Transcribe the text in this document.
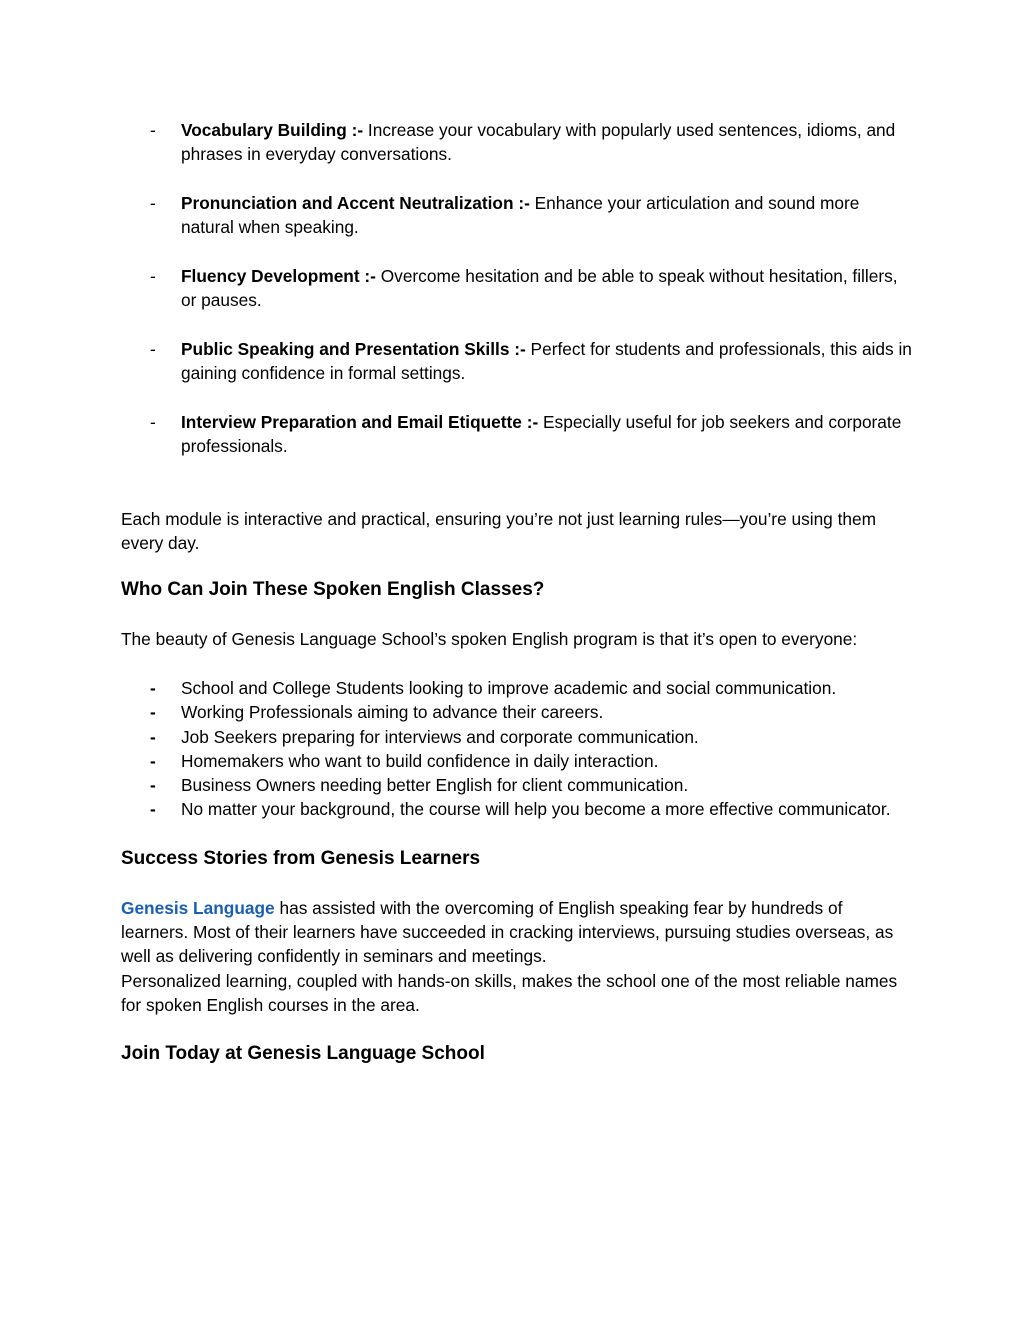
- Vocabulary Building :- Increase your vocabulary with popularly used sentences, idioms, and phrases in everyday conversations.
- Pronunciation and Accent Neutralization :- Enhance your articulation and sound more natural when speaking.
- Fluency Development :- Overcome hesitation and be able to speak without hesitation, fillers, or pauses.
- Public Speaking and Presentation Skills :- Perfect for students and professionals, this aids in gaining confidence in formal settings.
- Interview Preparation and Email Etiquette :- Especially useful for job seekers and corporate professionals.

Each module is interactive and practical, ensuring you’re not just learning rules—you’re using them every day.

Who Can Join These Spoken English Classes?

The beauty of Genesis Language School’s spoken English program is that it’s open to everyone:

- School and College Students looking to improve academic and social communication.
- Working Professionals aiming to advance their careers.
- Job Seekers preparing for interviews and corporate communication.
- Homemakers who want to build confidence in daily interaction.
- Business Owners needing better English for client communication.
- No matter your background, the course will help you become a more effective communicator.
Success Stories from Genesis Learners

Genesis Language has assisted with the overcoming of English speaking fear by hundreds of learners. Most of their learners have succeeded in cracking interviews, pursuing studies overseas, as well as delivering confidently in seminars and meetings.

Personalized learning, coupled with hands-on skills, makes the school one of the most reliable names for spoken English courses in the area.

Join Today at Genesis Language School
